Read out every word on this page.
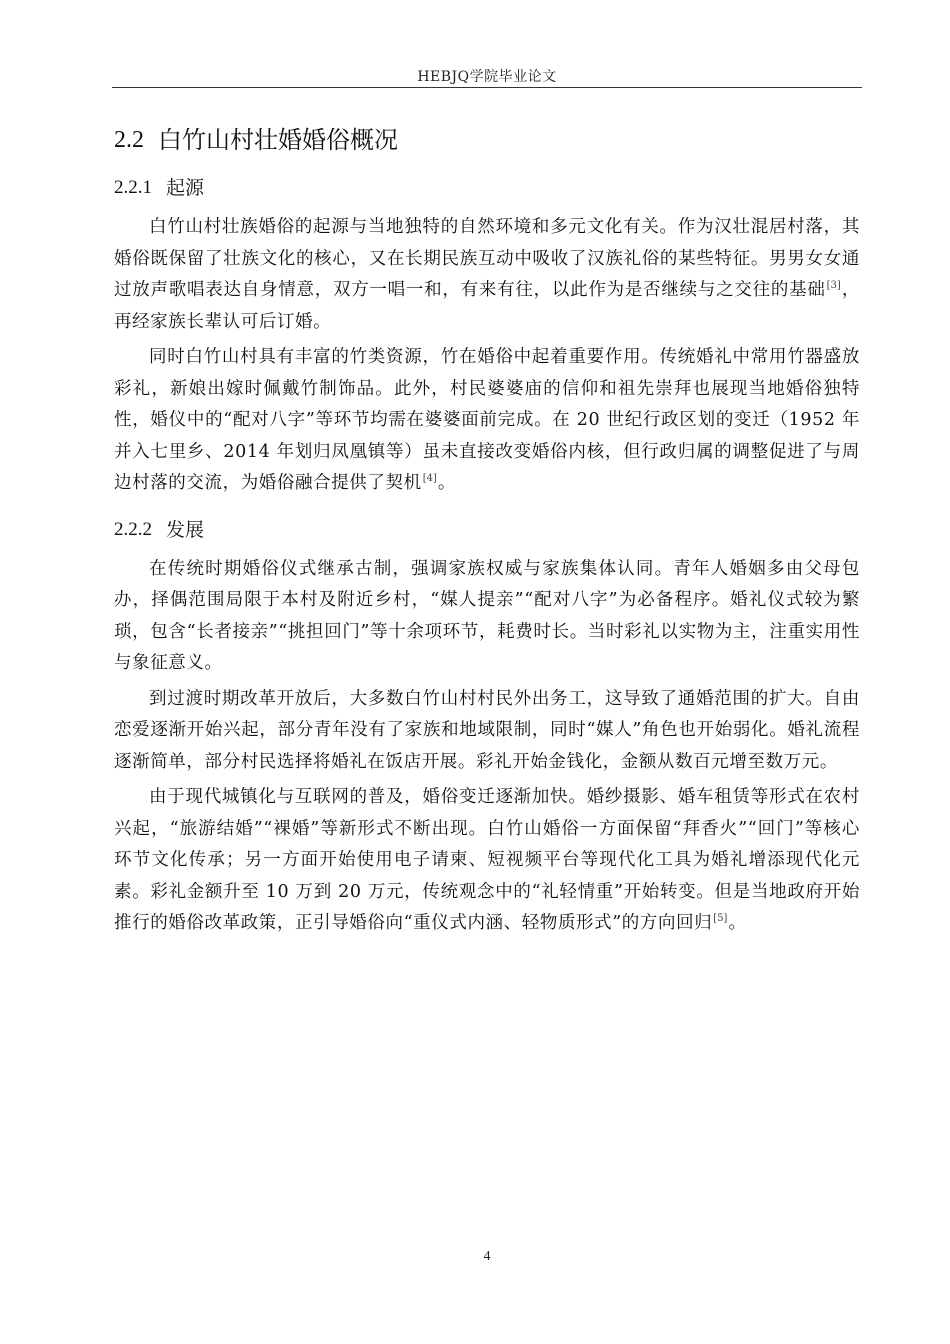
HEBJQ学院毕业论文
2.2 白竹山村壮婚婚俗概况
2.2.1 起源

白竹山村壮族婚俗的起源与当地独特的自然环境和多元文化有关。作为汉壮混居村落，其婚俗既保留了壮族文化的核心，又在长期民族互动中吸收了汉族礼俗的某些特征。男男女女通过放声歌唱表达自身情意，双方一唱一和，有来有往，以此作为是否继续与之交往的基础[3]，再经家族长辈认可后订婚。

同时白竹山村具有丰富的竹类资源，竹在婚俗中起着重要作用。传统婚礼中常用竹器盛放彩礼，新娘出嫁时佩戴竹制饰品。此外，村民婆婆庙的信仰和祖先崇拜也展现当地婚俗独特性，婚仪中的“配对八字”等环节均需在婆婆面前完成。在 20 世纪行政区划的变迁（1952 年并入七里乡、2014 年划归凤凰镇等）虽未直接改变婚俗内核，但行政归属的调整促进了与周边村落的交流，为婚俗融合提供了契机[4]。

2.2.2 发展

在传统时期婚俗仪式继承古制，强调家族权威与家族集体认同。青年人婚姻多由父母包办，择偶范围局限于本村及附近乡村，“媒人提亲”“配对八字”为必备程序。婚礼仪式较为繁琐，包含“长者接亲”“挑担回门”等十余项环节，耗费时长。当时彩礼以实物为主，注重实用性与象征意义。

到过渡时期改革开放后，大多数白竹山村村民外出务工，这导致了通婚范围的扩大。自由恋爱逐渐开始兴起，部分青年没有了家族和地域限制，同时“媒人”角色也开始弱化。婚礼流程逐渐简单，部分村民选择将婚礼在饭店开展。彩礼开始金钱化，金额从数百元增至数万元。

由于现代城镇化与互联网的普及，婚俗变迁逐渐加快。婚纱摄影、婚车租赁等形式在农村兴起，“旅游结婚”“裸婚”等新形式不断出现。白竹山婚俗一方面保留“拜香火”“回门”等核心环节文化传承；另一方面开始使用电子请柬、短视频平台等现代化工具为婚礼增添现代化元素。彩礼金额升至 10 万到 20 万元，传统观念中的“礼轻情重”开始转变。但是当地政府开始推行的婚俗改革政策，正引导婚俗向“重仪式内涵、轻物质形式”的方向回归[5]。

4
